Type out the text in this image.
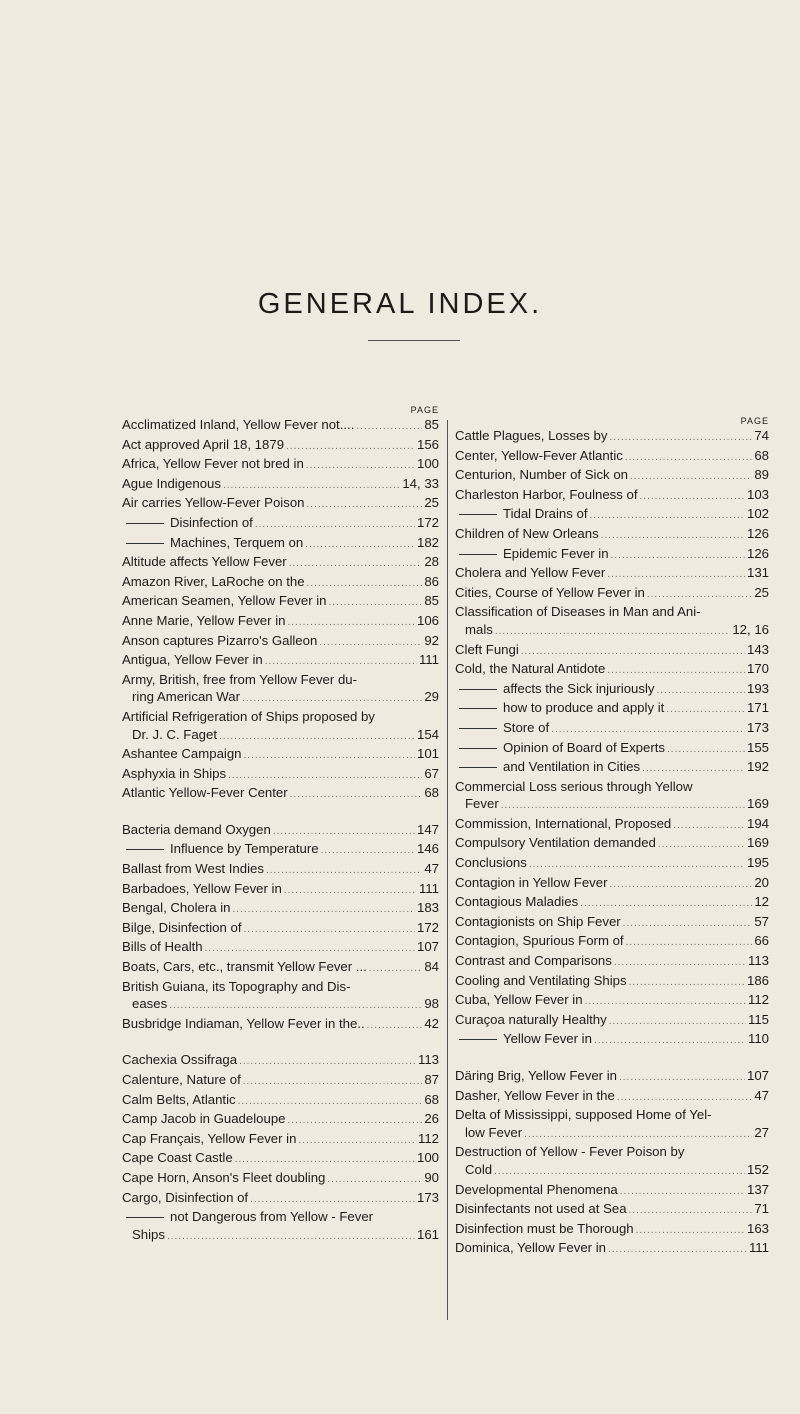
GENERAL INDEX.
PAGE
Acclimatized Inland, Yellow Fever not.... .....	85
Act approved April 18, 1879 .....	156
Africa, Yellow Fever not bred in .....	100
Ague Indigenous .....	14, 33
Air carries Yellow-Fever Poison .....	25
Disinfection of .....	172
Machines, Terquem on .....	182
Altitude affects Yellow Fever .....	28
Amazon River, LaRoche on the .....	86
American Seamen, Yellow Fever in .....	85
Anne Marie, Yellow Fever in .....	106
Anson captures Pizarro's Galleon .....	92
Antigua, Yellow Fever in .....	111
Army, British, free from Yellow Fever du-
ring American War .....	29
Artificial Refrigeration of Ships proposed by
Dr. J. C. Faget .....	154
Ashantee Campaign .....	101
Asphyxia in Ships .....	67
Atlantic Yellow-Fever Center .....	68
Bacteria demand Oxygen .....	147
Influence by Temperature .....	146
Ballast from West Indies .....	47
Barbadoes, Yellow Fever in .....	111
Bengal, Cholera in .....	183
Bilge, Disinfection of .....	172
Bills of Health .....	107
Boats, Cars, etc., transmit Yellow Fever ... .....	84
British Guiana, its Topography and Dis-
eases .....	98
Busbridge Indiaman, Yellow Fever in the.. .....	42
Cachexia Ossifraga .....	113
Calenture, Nature of .....	87
Calm Belts, Atlantic .....	68
Camp Jacob in Guadeloupe .....	26
Cap Français, Yellow Fever in .....	112
Cape Coast Castle .....	100
Cape Horn, Anson's Fleet doubling .....	90
Cargo, Disinfection of .....	173
not Dangerous from Yellow - Fever
Ships .....	161
PAGE
Cattle Plagues, Losses by .....	74
Center, Yellow-Fever Atlantic .....	68
Centurion, Number of Sick on .....	89
Charleston Harbor, Foulness of .....	103
Tidal Drains of .....	102
Children of New Orleans .....	126
Epidemic Fever in .....	126
Cholera and Yellow Fever .....	131
Cities, Course of Yellow Fever in .....	25
Classification of Diseases in Man and Ani-
mals .....	12, 16
Cleft Fungi .....	143
Cold, the Natural Antidote .....	170
affects the Sick injuriously .....	193
how to produce and apply it .....	171
Store of .....	173
Opinion of Board of Experts .....	155
and Ventilation in Cities .....	192
Commercial Loss serious through Yellow
Fever .....	169
Commission, International, Proposed .....	194
Compulsory Ventilation demanded .....	169
Conclusions .....	195
Contagion in Yellow Fever .....	20
Contagious Maladies .....	12
Contagionists on Ship Fever .....	57
Contagion, Spurious Form of .....	66
Contrast and Comparisons .....	113
Cooling and Ventilating Ships .....	186
Cuba, Yellow Fever in .....	112
Curaçoa naturally Healthy .....	115
Yellow Fever in .....	110
Däring Brig, Yellow Fever in .....	107
Dasher, Yellow Fever in the .....	47
Delta of Mississippi, supposed Home of Yel-
low Fever .....	27
Destruction of Yellow - Fever Poison by
Cold .....	152
Developmental Phenomena .....	137
Disinfectants not used at Sea .....	71
Disinfection must be Thorough .....	163
Dominica, Yellow Fever in .....	111
